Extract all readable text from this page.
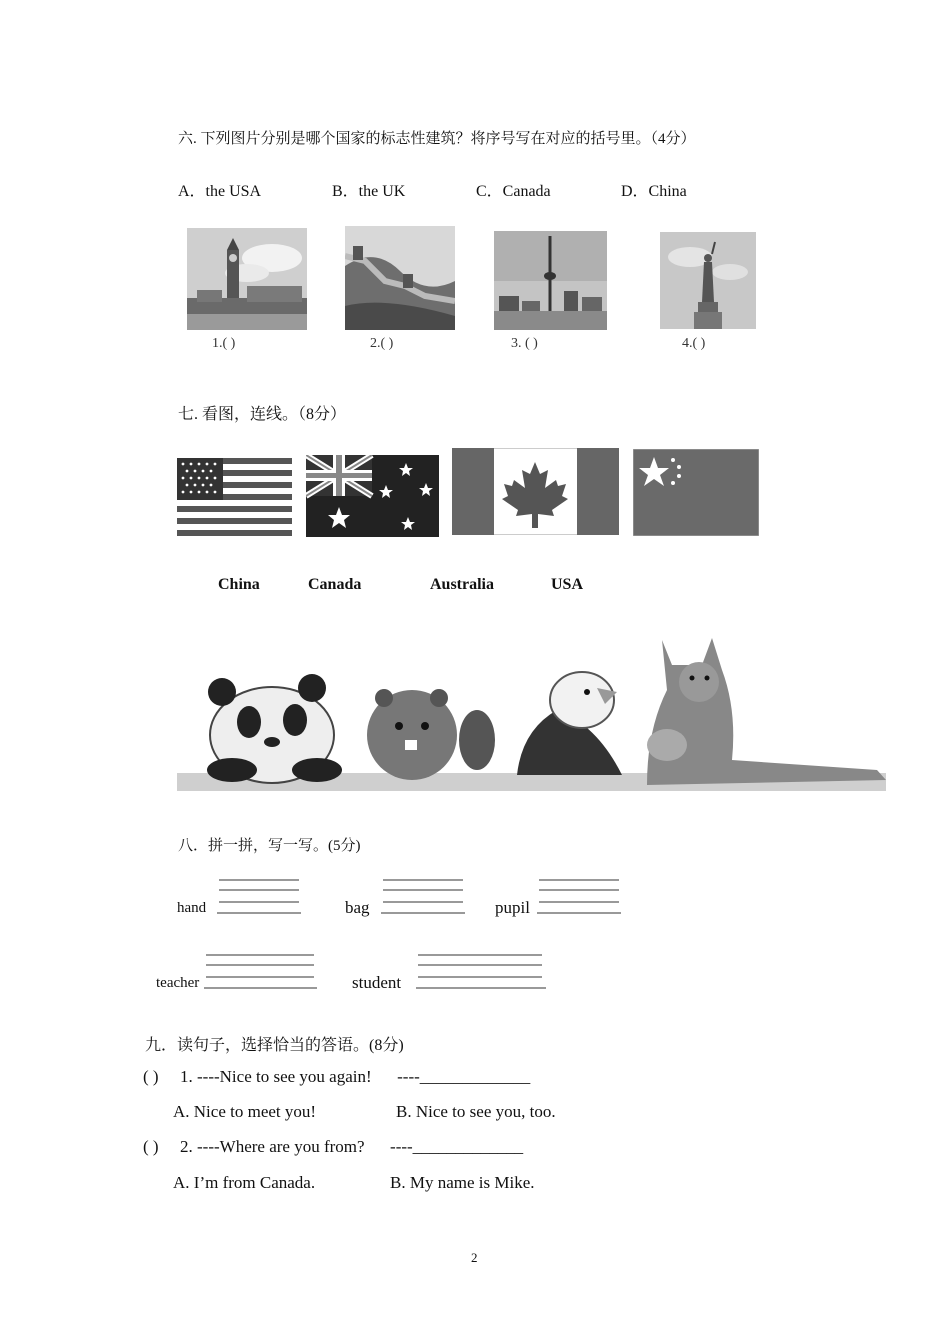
六. 下列图片分别是哪个国家的标志性建筑？将序号写在对应的括号里。（4分）
A．the USA	B．the UK	C．Canada	D．China
1.( )	2.( )	3. ( )	4.( )
七. 看图，连线。（8分）
China	Canada	Australia	USA
八．拼一拼，写一写。(5分)
hand	bag	pupil
teacher	student
九．读句子，选择恰当的答语。(8分)
( ) 1. ----Nice to see you again!      ----_____________
A. Nice to meet you!	B. Nice to see you, too.
( ) 2. ----Where are you from?      ----_____________
A. I’m from Canada.	B. My name is Mike.
2
